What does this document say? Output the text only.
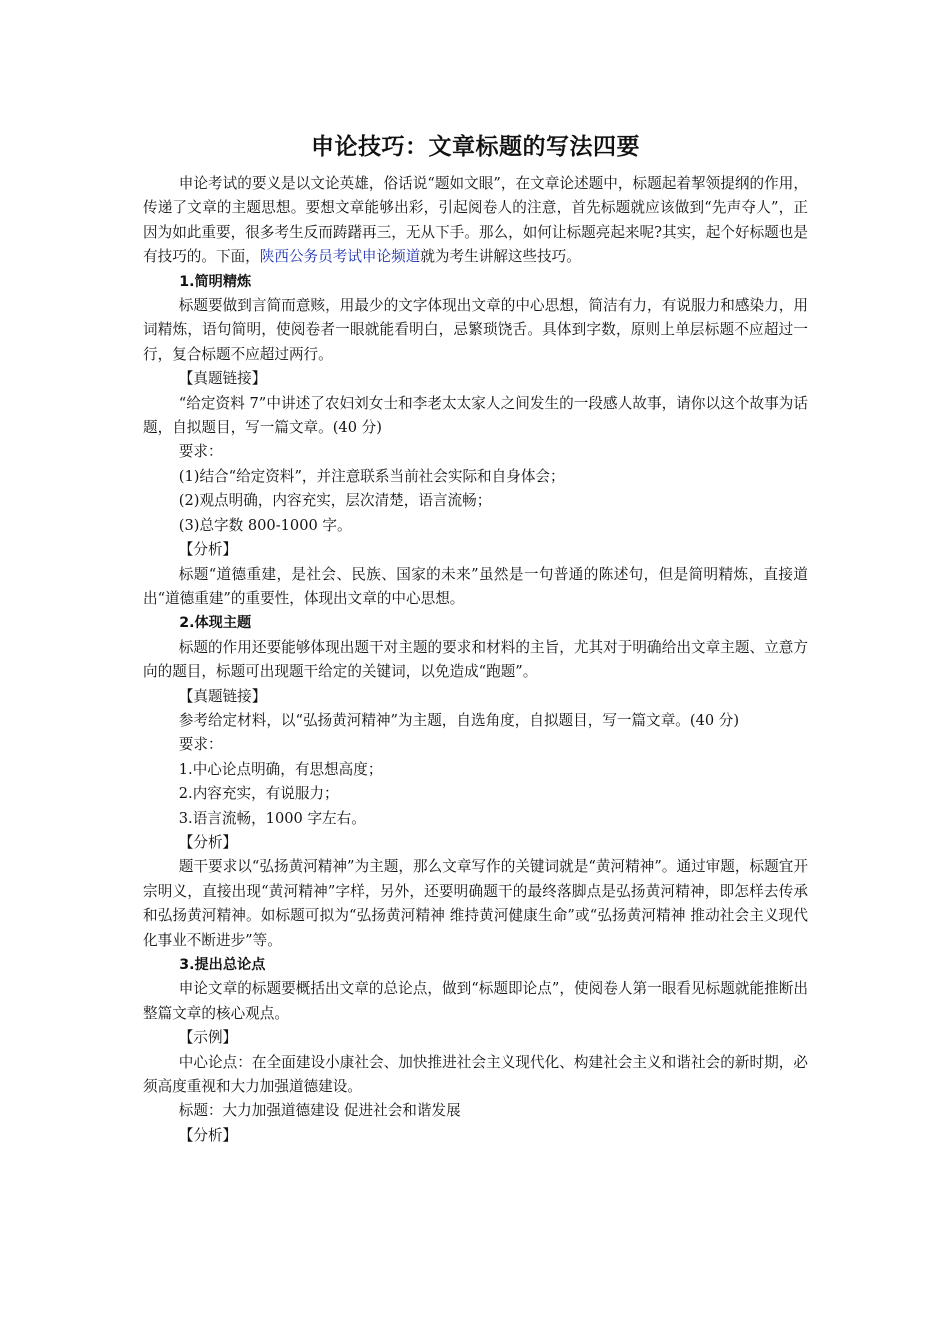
申论技巧：文章标题的写法四要

申论考试的要义是以文论英雄，俗话说“题如文眼”，在文章论述题中，标题起着挈领提纲的作用，传递了文章的主题思想。要想文章能够出彩，引起阅卷人的注意，首先标题就应该做到“先声夺人”，正因为如此重要，很多考生反而踌躇再三，无从下手。那么，如何让标题亮起来呢?其实，起个好标题也是有技巧的。下面，陕西公务员考试申论频道就为考生讲解这些技巧。

1.简明精炼

标题要做到言简而意赅，用最少的文字体现出文章的中心思想，简洁有力，有说服力和感染力，用词精炼，语句简明，使阅卷者一眼就能看明白，忌繁琐饶舌。具体到字数，原则上单层标题不应超过一行，复合标题不应超过两行。

【真题链接】

“给定资料 7”中讲述了农妇刘女士和李老太太家人之间发生的一段感人故事，请你以这个故事为话题，自拟题目，写一篇文章。(40 分)

要求：
(1)结合“给定资料”，并注意联系当前社会实际和自身体会；
(2)观点明确，内容充实，层次清楚，语言流畅；
(3)总字数 800-1000 字。
【分析】

标题“道德重建，是社会、民族、国家的未来”虽然是一句普通的陈述句，但是简明精炼，直接道出“道德重建”的重要性，体现出文章的中心思想。

2.体现主题

标题的作用还要能够体现出题干对主题的要求和材料的主旨，尤其对于明确给出文章主题、立意方向的题目，标题可出现题干给定的关键词，以免造成“跑题”。

【真题链接】

参考给定材料，以“弘扬黄河精神”为主题，自选角度，自拟题目，写一篇文章。(40 分)

要求：
1.中心论点明确，有思想高度；
2.内容充实，有说服力；
3.语言流畅，1000 字左右。
【分析】

题干要求以“弘扬黄河精神”为主题，那么文章写作的关键词就是“黄河精神”。通过审题，标题宜开宗明义，直接出现“黄河精神”字样，另外，还要明确题干的最终落脚点是弘扬黄河精神，即怎样去传承和弘扬黄河精神。如标题可拟为“弘扬黄河精神 维持黄河健康生命”或“弘扬黄河精神 推动社会主义现代化事业不断进步”等。

3.提出总论点

申论文章的标题要概括出文章的总论点，做到“标题即论点”，使阅卷人第一眼看见标题就能推断出整篇文章的核心观点。

【示例】

中心论点：在全面建设小康社会、加快推进社会主义现代化、构建社会主义和谐社会的新时期，必须高度重视和大力加强道德建设。

标题：大力加强道德建设 促进社会和谐发展
【分析】
